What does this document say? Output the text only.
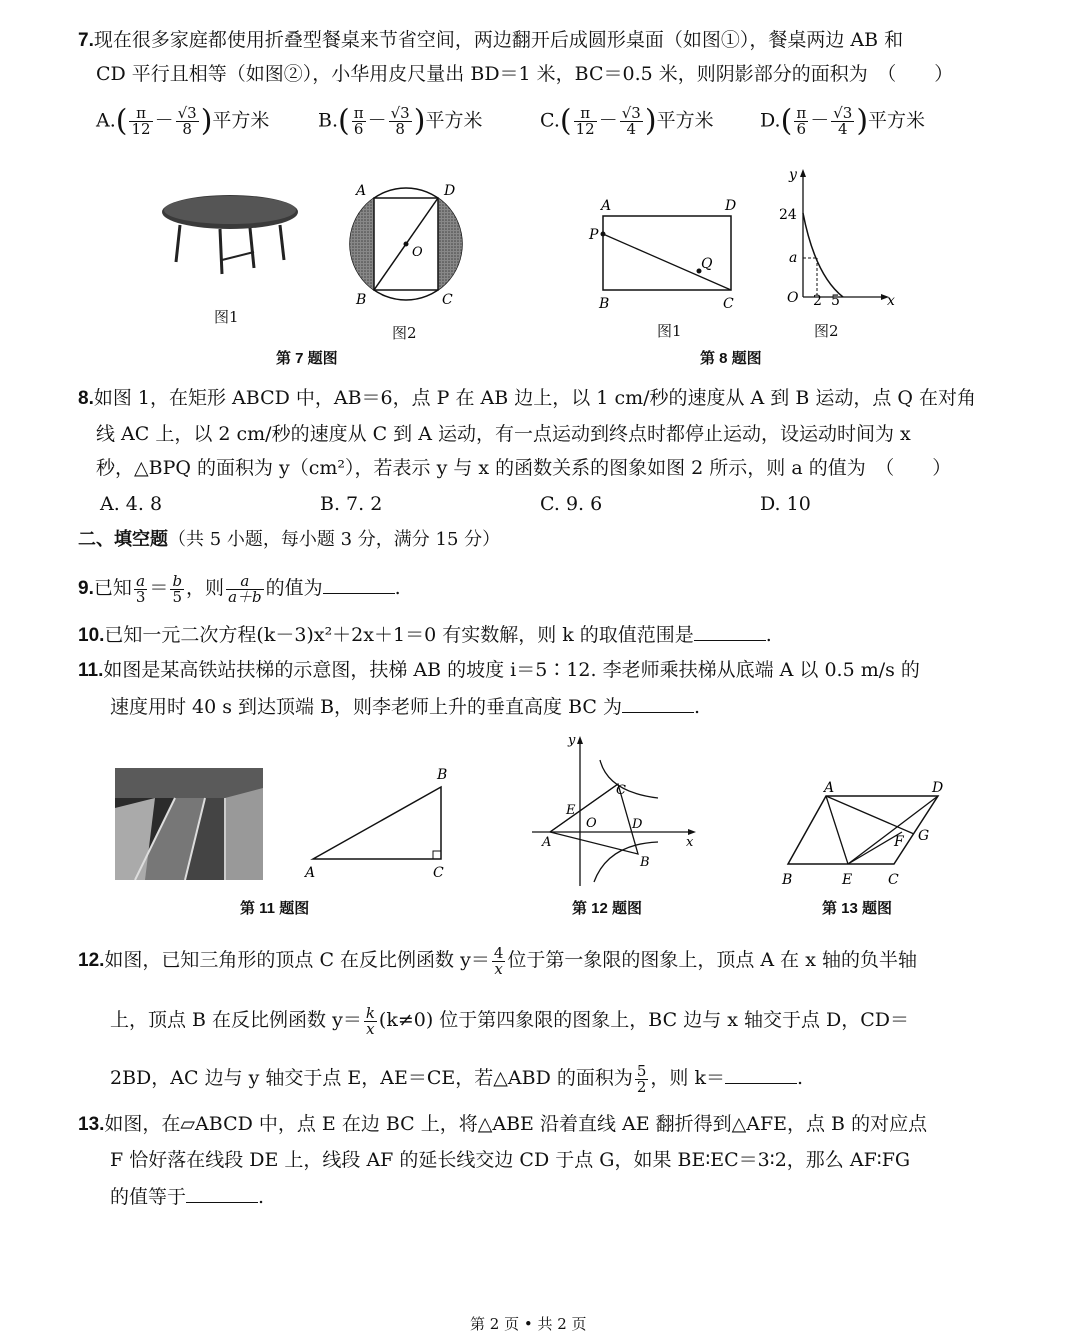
7.现在很多家庭都使用折叠型餐桌来节省空间，两边翻开后成圆形桌面（如图①），餐桌两边 AB 和
CD 平行且相等（如图②），小华用皮尺量出 BD＝1 米，BC＝0.5 米，则阴影部分的面积为　（　　）
$A.( \frac{\pi}{12} - \frac{√3}{8}$ )平方米	$B.( \frac{\pi}{6} - \frac{√3}{8}$ )平方米	$C.( \frac{\pi}{12} - \frac{√3}{4}$ )平方米 $D.( \frac{\pi}{6} - \frac{√3}{4}$ )平方米
图1
A	D
B	C
O
图2
第 7 题图
A	D
P
Q
B	C
图1
y
x
24
a
O 2 5
图2
第 8 题图
8.如图 1，在矩形 ABCD 中，AB＝6，点 P 在 AB 边上，以 1 cm/秒的速度从 A 到 B 运动，点 Q 在对角
线 AC 上，以 2 cm/秒的速度从 C 到 A 运动，有一点运动到终点时都停止运动，设运动时间为 x
秒，△BPQ 的面积为 y（cm²），若表示 y 与 x 的函数关系的图象如图 2 所示，则 a 的值为　（　　）
A. 4. 8	B. 7. 2	C. 9. 6	D. 10
二、填空题（共 5 小题，每小题 3 分，满分 15 分）
9.已知 $\frac{a}{3} = \frac{b}{5}$ ，则 $\frac{a}{a+b}$ 的值为	.
10.已知一元二次方程(k－3)x²＋2x＋1＝0 有实数解，则 k 的取值范围是	.
11.如图是某高铁站扶梯的示意图，扶梯 AB 的坡度 i＝5∶12. 李老师乘扶梯从底端 A 以 0.5 m/s 的
速度用时 40 s 到达顶端 B，则李老师上升的垂直高度 BC 为	.
B
A	C
第 11 题图
y
x
C
E
O	D
A
B
第 12 题图
A	D
F G
B	E	C
第 13 题图
12.如图，已知三角形的顶点 C 在反比例函数 $y= \frac{4}{x}$ 位于第一象限的图象上，顶点 A 在 x 轴的负半轴
上，顶点 B 在反比例函数 $y= \frac{k}{x} (k\ne 0)$ 位于第四象限的图象上，BC 边与 x 轴交于点 D，CD＝
2BD，AC 边与 y 轴交于点 E，AE＝CE，若△ABD 的面积为 $\frac{5}{2}$ ，则 k＝	.
13.如图，在▱ABCD 中，点 E 在边 BC 上，将△ABE 沿着直线 AE 翻折得到△AFE，点 B 的对应点
F 恰好落在线段 DE 上，线段 AF 的延长线交边 CD 于点 G，如果 BE∶EC＝3∶2，那么 AF∶FG
的值等于	.
第 2 页 • 共 2 页
